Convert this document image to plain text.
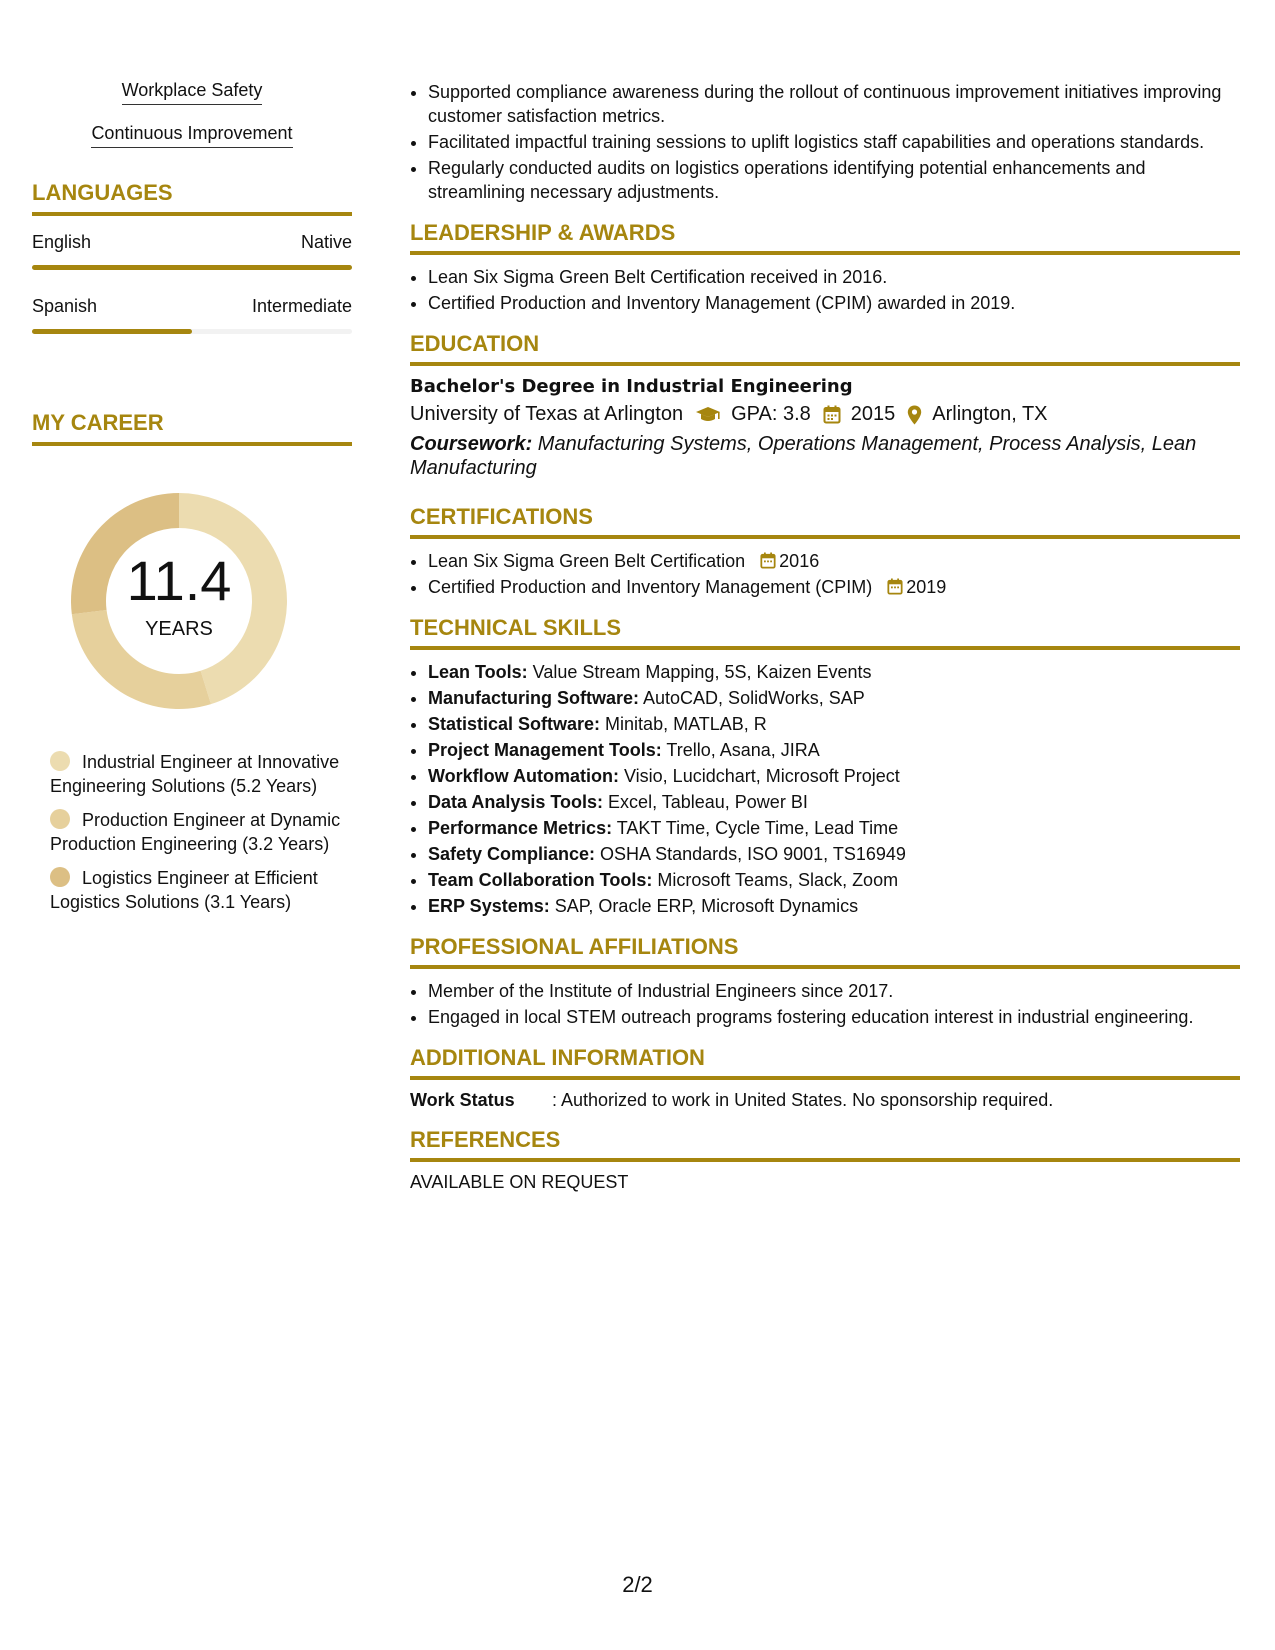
Workplace Safety
Continuous Improvement
LANGUAGES
English	Native
Spanish	Intermediate
MY CAREER
11.4
YEARS
Industrial Engineer at Innovative Engineering Solutions (5.2 Years)
Production Engineer at Dynamic Production Engineering (3.2 Years)
Logistics Engineer at Efficient Logistics Solutions (3.1 Years)
• Supported compliance awareness during the rollout of continuous improvement initiatives improving customer satisfaction metrics.
• Facilitated impactful training sessions to uplift logistics staff capabilities and operations standards.
• Regularly conducted audits on logistics operations identifying potential enhancements and streamlining necessary adjustments.
LEADERSHIP & AWARDS
• Lean Six Sigma Green Belt Certification received in 2016.
• Certified Production and Inventory Management (CPIM) awarded in 2019.
EDUCATION
Bachelor's Degree in Industrial Engineering
University of Texas at Arlington GPA: 3.8 2015 Arlington, TX
Coursework: Manufacturing Systems, Operations Management, Process Analysis, Lean Manufacturing
CERTIFICATIONS
• Lean Six Sigma Green Belt Certification 2016
• Certified Production and Inventory Management (CPIM) 2019
TECHNICAL SKILLS
• Lean Tools: Value Stream Mapping, 5S, Kaizen Events
• Manufacturing Software: AutoCAD, SolidWorks, SAP
• Statistical Software: Minitab, MATLAB, R
• Project Management Tools: Trello, Asana, JIRA
• Workflow Automation: Visio, Lucidchart, Microsoft Project
• Data Analysis Tools: Excel, Tableau, Power BI
• Performance Metrics: TAKT Time, Cycle Time, Lead Time
• Safety Compliance: OSHA Standards, ISO 9001, TS16949
• Team Collaboration Tools: Microsoft Teams, Slack, Zoom
• ERP Systems: SAP, Oracle ERP, Microsoft Dynamics
PROFESSIONAL AFFILIATIONS
• Member of the Institute of Industrial Engineers since 2017.
• Engaged in local STEM outreach programs fostering education interest in industrial engineering.
ADDITIONAL INFORMATION
Work Status	: Authorized to work in United States. No sponsorship required.
REFERENCES
AVAILABLE ON REQUEST
2/2
